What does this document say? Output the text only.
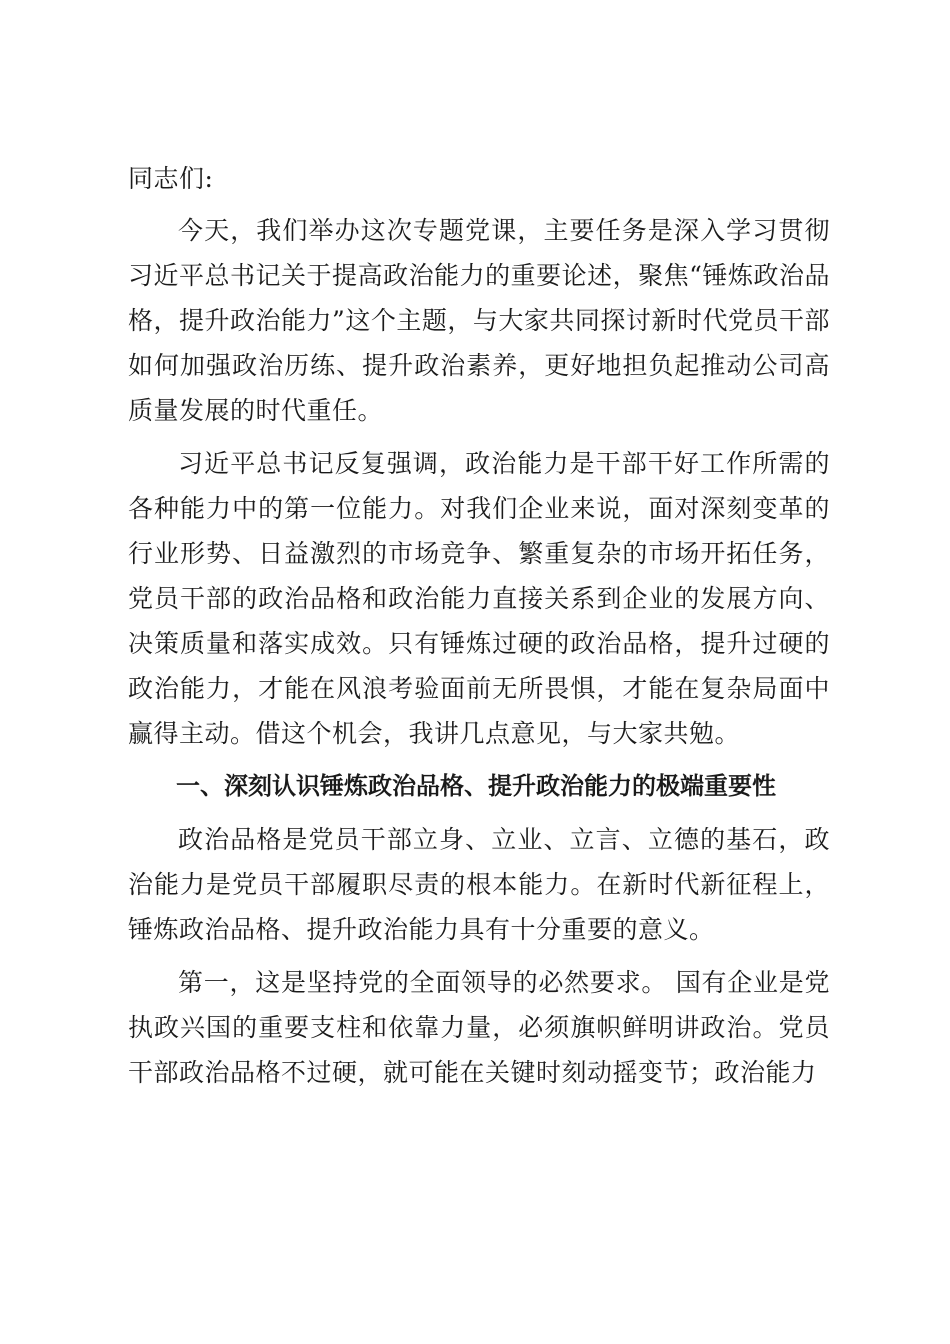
同志们:

今天，我们举办这次专题党课，主要任务是深入学习贯彻习近平总书记关于提高政治能力的重要论述，聚焦“锤炼政治品格，提升政治能力”这个主题，与大家共同探讨新时代党员干部如何加强政治历练、提升政治素养，更好地担负起推动公司高质量发展的时代重任。

习近平总书记反复强调，政治能力是干部干好工作所需的各种能力中的第一位能力。对我们企业来说，面对深刻变革的行业形势、日益激烈的市场竞争、繁重复杂的市场开拓任务，党员干部的政治品格和政治能力直接关系到企业的发展方向、决策质量和落实成效。只有锤炼过硬的政治品格，提升过硬的政治能力，才能在风浪考验面前无所畏惧，才能在复杂局面中赢得主动。借这个机会，我讲几点意见，与大家共勉。

一、深刻认识锤炼政治品格、提升政治能力的极端重要性

政治品格是党员干部立身、立业、立言、立德的基石，政治能力是党员干部履职尽责的根本能力。在新时代新征程上，锤炼政治品格、提升政治能力具有十分重要的意义。

第一，这是坚持党的全面领导的必然要求。 国有企业是党执政兴国的重要支柱和依靠力量，必须旗帜鲜明讲政治。党员干部政治品格不过硬，就可能在关键时刻动摇变节；政治能力
